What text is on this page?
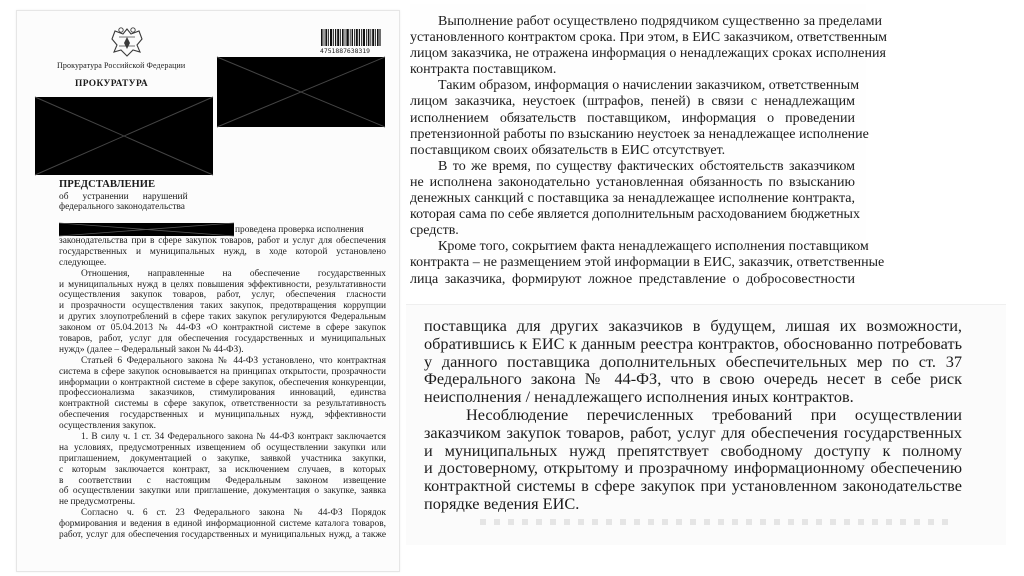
Прокуратура Российской Федерации
ПРОКУРАТУРА
4751887638319
ПРЕДСТАВЛЕНИЕ
об      устранении      нарушений
федерального законодательства
проведена проверка исполнения
законодательства при в сфере закупок товаров, работ и услуг для обеспечения
государственных и муниципальных нужд, в ходе которой установлено
следующее.
Отношения, направленные на обеспечение государственных
и муниципальных нужд в целях повышения эффективности, результативности
осуществления закупок товаров, работ, услуг, обеспечения гласности
и прозрачности осуществления таких закупок, предотвращения коррупции
и других злоупотреблений в сфере таких закупок регулируются Федеральным
законом от 05.04.2013 № 44-ФЗ «О контрактной системе в сфере закупок
товаров, работ, услуг для обеспечения государственных и муниципальных
нужд» (далее – Федеральный закон № 44-ФЗ).
Статьей 6 Федерального закона № 44-ФЗ установлено, что контрактная
система в сфере закупок основывается на принципах открытости, прозрачности
информации о контрактной системе в сфере закупок, обеспечения конкуренции,
профессионализма заказчиков, стимулирования инноваций, единства
контрактной системы в сфере закупок, ответственности за результативность
обеспечения государственных и муниципальных нужд, эффективности
осуществления закупок.
1. В силу ч. 1 ст. 34 Федерального закона № 44-ФЗ контракт заключается
на условиях, предусмотренных извещением об осуществлении закупки или
приглашением, документацией о закупке, заявкой участника закупки,
с которым заключается контракт, за исключением случаев, в которых
в соответствии с настоящим Федеральным законом извещение
об осуществлении закупки или приглашение, документация о закупке, заявка
не предусмотрены.
Согласно ч. 6 ст. 23 Федерального закона № 44-ФЗ Порядок
формирования и ведения в единой информационной системе каталога товаров,
работ, услуг для обеспечения государственных и муниципальных нужд, а также
Выполнение работ осуществлено подрядчиком существенно за пределами
установленного контрактом срока. При этом, в ЕИС заказчиком, ответственным
лицом заказчика, не отражена информация о ненадлежащих сроках исполнения
контракта поставщиком.
Таким образом, информация о начислении заказчиком, ответственным
лицом заказчика, неустоек (штрафов, пеней) в связи с ненадлежащим
исполнением обязательств поставщиком, информация о проведении
претензионной работы по взысканию неустоек за ненадлежащее исполнение
поставщиком своих обязательств в ЕИС отсутствует.
В то же время, по существу фактических обстоятельств заказчиком
не исполнена законодательно установленная обязанность по взысканию
денежных санкций с поставщика за ненадлежащее исполнение контракта,
которая сама по себе является дополнительным расходованием бюджетных
средств.
Кроме того, сокрытием факта ненадлежащего исполнения поставщиком
контракта – не размещением этой информации в ЕИС, заказчик, ответственные
лица заказчика, формируют ложное представление о добросовестности
поставщика для других заказчиков в будущем, лишая их возможности,
обратившись к ЕИС к данным реестра контрактов, обоснованно потребовать
у данного поставщика дополнительных обеспечительных мер по ст. 37
Федерального закона № 44-ФЗ, что в свою очередь несет в себе риск
неисполнения / ненадлежащего исполнения иных контрактов.
Несоблюдение перечисленных требований при осуществлении
заказчиком закупок товаров, работ, услуг для обеспечения государственных
и муниципальных нужд препятствует свободному доступу к полному
и достоверному, открытому и прозрачному информационному обеспечению
контрактной системы в сфере закупок при установленном законодательстве
порядке ведения ЕИС.
